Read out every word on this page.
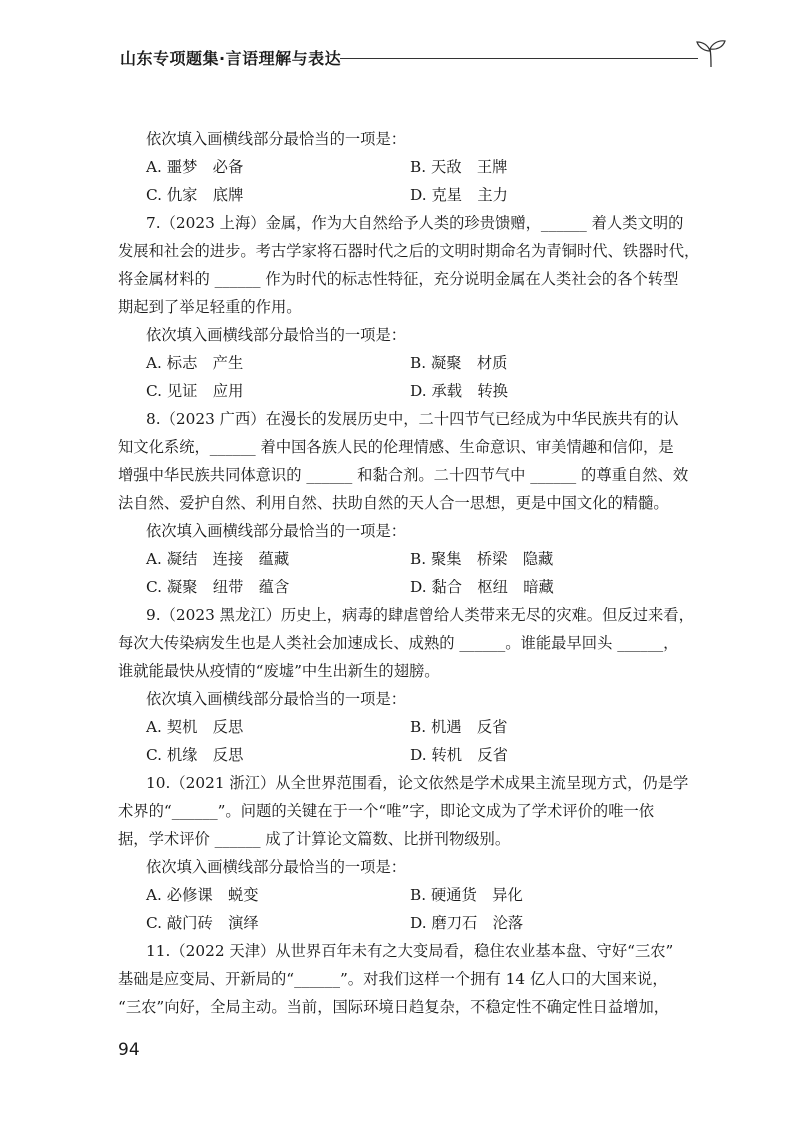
山东专项题集·言语理解与表达
依次填入画横线部分最恰当的一项是：
A. 噩梦　必备	B. 天敌　王牌
C. 仇家　底牌	D. 克星　主力
7.（2023 上海）金属，作为大自然给予人类的珍贵馈赠，______ 着人类文明的
发展和社会的进步。考古学家将石器时代之后的文明时期命名为青铜时代、铁器时代，
将金属材料的 ______ 作为时代的标志性特征，充分说明金属在人类社会的各个转型
期起到了举足轻重的作用。
依次填入画横线部分最恰当的一项是：
A. 标志　产生	B. 凝聚　材质
C. 见证　应用	D. 承载　转换
8.（2023 广西）在漫长的发展历史中，二十四节气已经成为中华民族共有的认
知文化系统，______ 着中国各族人民的伦理情感、生命意识、审美情趣和信仰，是
增强中华民族共同体意识的 ______ 和黏合剂。二十四节气中 ______ 的尊重自然、效
法自然、爱护自然、利用自然、扶助自然的天人合一思想，更是中国文化的精髓。
依次填入画横线部分最恰当的一项是：
A. 凝结　连接　蕴藏	B. 聚集　桥梁　隐藏
C. 凝聚　纽带　蕴含	D. 黏合　枢纽　暗藏
9.（2023 黑龙江）历史上，病毒的肆虐曾给人类带来无尽的灾难。但反过来看，
每次大传染病发生也是人类社会加速成长、成熟的 ______。谁能最早回头 ______，
谁就能最快从疫情的“废墟”中生出新生的翅膀。
依次填入画横线部分最恰当的一项是：
A. 契机　反思	B. 机遇　反省
C. 机缘　反思	D. 转机　反省
10.（2021 浙江）从全世界范围看，论文依然是学术成果主流呈现方式，仍是学
术界的“______”。问题的关键在于一个“唯”字，即论文成为了学术评价的唯一依
据，学术评价 ______ 成了计算论文篇数、比拼刊物级别。
依次填入画横线部分最恰当的一项是：
A. 必修课　蜕变	B. 硬通货　异化
C. 敲门砖　演绎	D. 磨刀石　沦落
11.（2022 天津）从世界百年未有之大变局看，稳住农业基本盘、守好“三农”
基础是应变局、开新局的“______”。对我们这样一个拥有 14 亿人口的大国来说，
“三农”向好，全局主动。当前，国际环境日趋复杂，不稳定性不确定性日益增加，
94
